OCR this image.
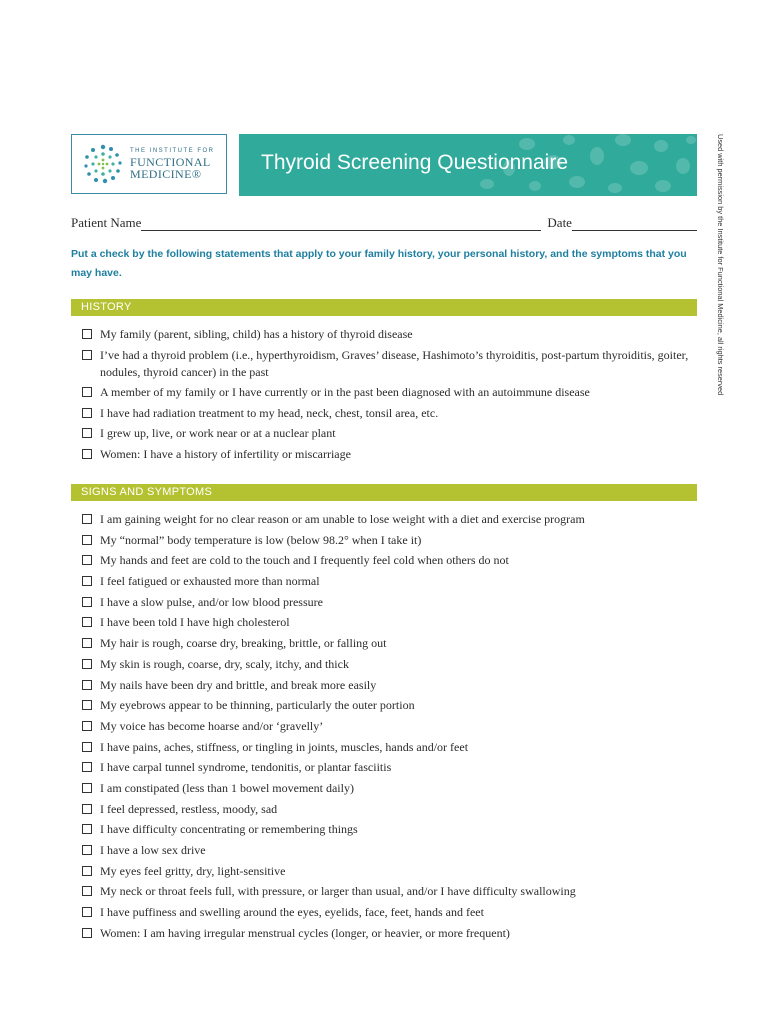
THE INSTITUTE FOR
FUNCTIONAL
MEDICINE®	Thyroid Screening Questionnaire	Used with permission by the Institute for Functional Medicine, all rights reserved
Patient Name	Date
Put a check by the following statements that apply to your family history, your personal history, and the symptoms that you may have.
HISTORY
My family (parent, sibling, child) has a history of thyroid disease
I’ve had a thyroid problem (i.e., hyperthyroidism, Graves’ disease, Hashimoto’s thyroiditis, post-partum thyroiditis, goiter, nodules, thyroid cancer) in the past
A member of my family or I have currently or in the past been diagnosed with an autoimmune disease
I have had radiation treatment to my head, neck, chest, tonsil area, etc.
I grew up, live, or work near or at a nuclear plant
Women: I have a history of infertility or miscarriage
SIGNS AND SYMPTOMS
I am gaining weight for no clear reason or am unable to lose weight with a diet and exercise program
My “normal” body temperature is low (below 98.2° when I take it)
My hands and feet are cold to the touch and I frequently feel cold when others do not
I feel fatigued or exhausted more than normal
I have a slow pulse, and/or low blood pressure
I have been told I have high cholesterol
My hair is rough, coarse dry, breaking, brittle, or falling out
My skin is rough, coarse, dry, scaly, itchy, and thick
My nails have been dry and brittle, and break more easily
My eyebrows appear to be thinning, particularly the outer portion
My voice has become hoarse and/or ‘gravelly’
I have pains, aches, stiffness, or tingling in joints, muscles, hands and/or feet
I have carpal tunnel syndrome, tendonitis, or plantar fasciitis
I am constipated (less than 1 bowel movement daily)
I feel depressed, restless, moody, sad
I have difficulty concentrating or remembering things
I have a low sex drive
My eyes feel gritty, dry, light-sensitive
My neck or throat feels full, with pressure, or larger than usual, and/or I have difficulty swallowing
I have puffiness and swelling around the eyes, eyelids, face, feet, hands and feet
Women: I am having irregular menstrual cycles (longer, or heavier, or more frequent)
